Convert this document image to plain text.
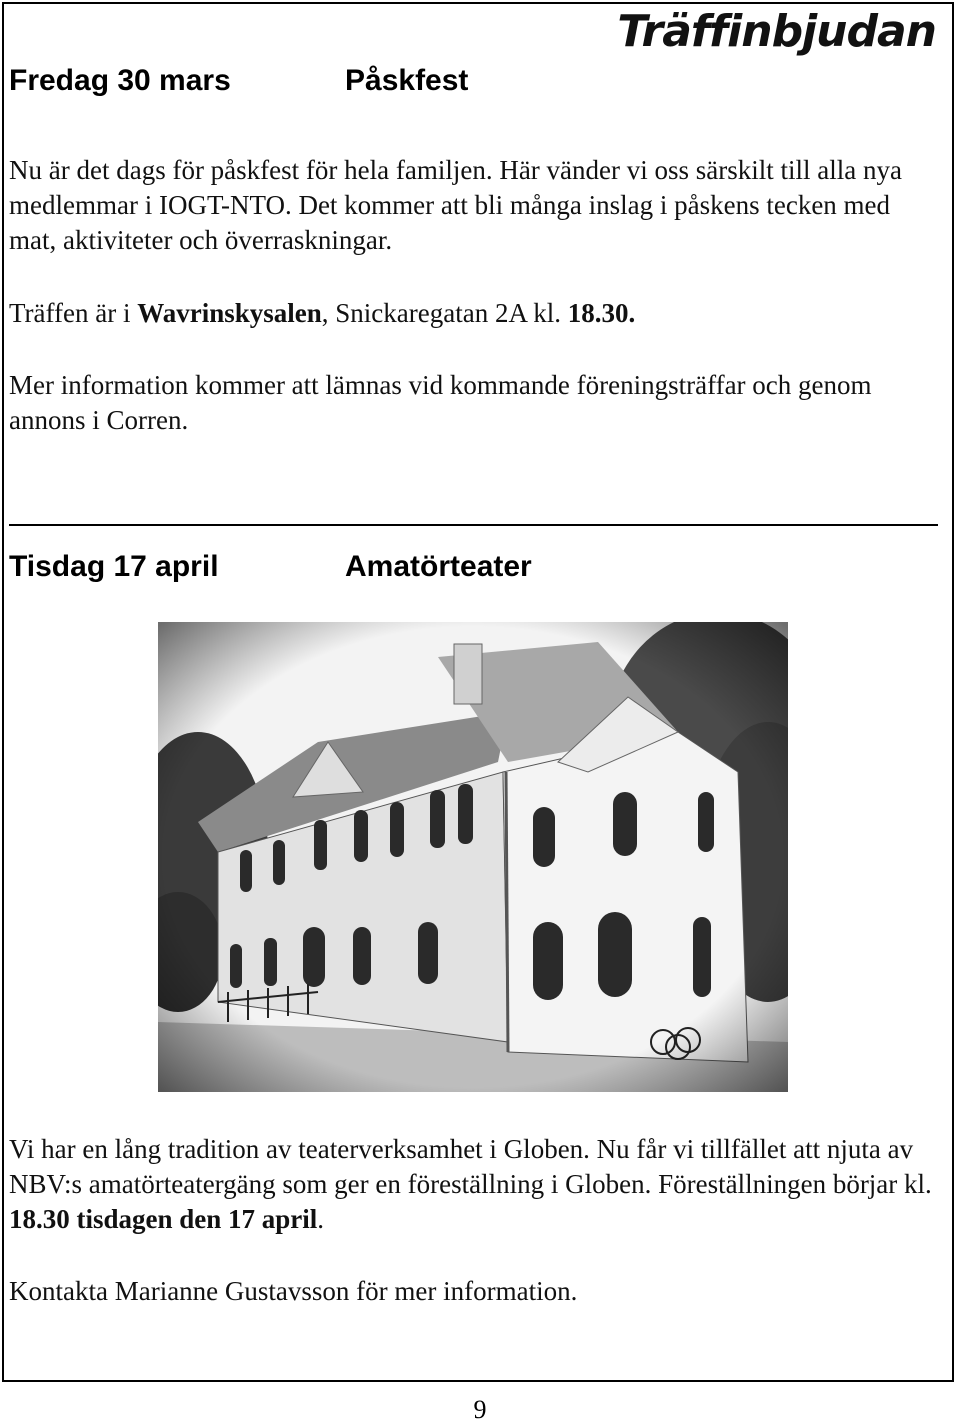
Träffinbjudan
Fredag 30 mars	Påskfest
Nu är det dags för påskfest för hela familjen. Här vänder vi oss särskilt till alla nya medlemmar i IOGT-NTO. Det kommer att bli många inslag i påskens tecken med mat, aktiviteter och överraskningar.
Träffen är i Wavrinskysalen, Snickaregatan 2A kl. 18.30.
Mer information kommer att lämnas vid kommande föreningsträffar och genom annons i Corren.
Tisdag 17 april	Amatörteater
Vi har en lång tradition av teaterverksamhet i Globen. Nu får vi tillfället att njuta av NBV:s amatörteatergäng som ger en föreställning i Globen. Föreställningen börjar kl. 18.30 tisdagen den 17 april.
Kontakta Marianne Gustavsson för mer information.
9
